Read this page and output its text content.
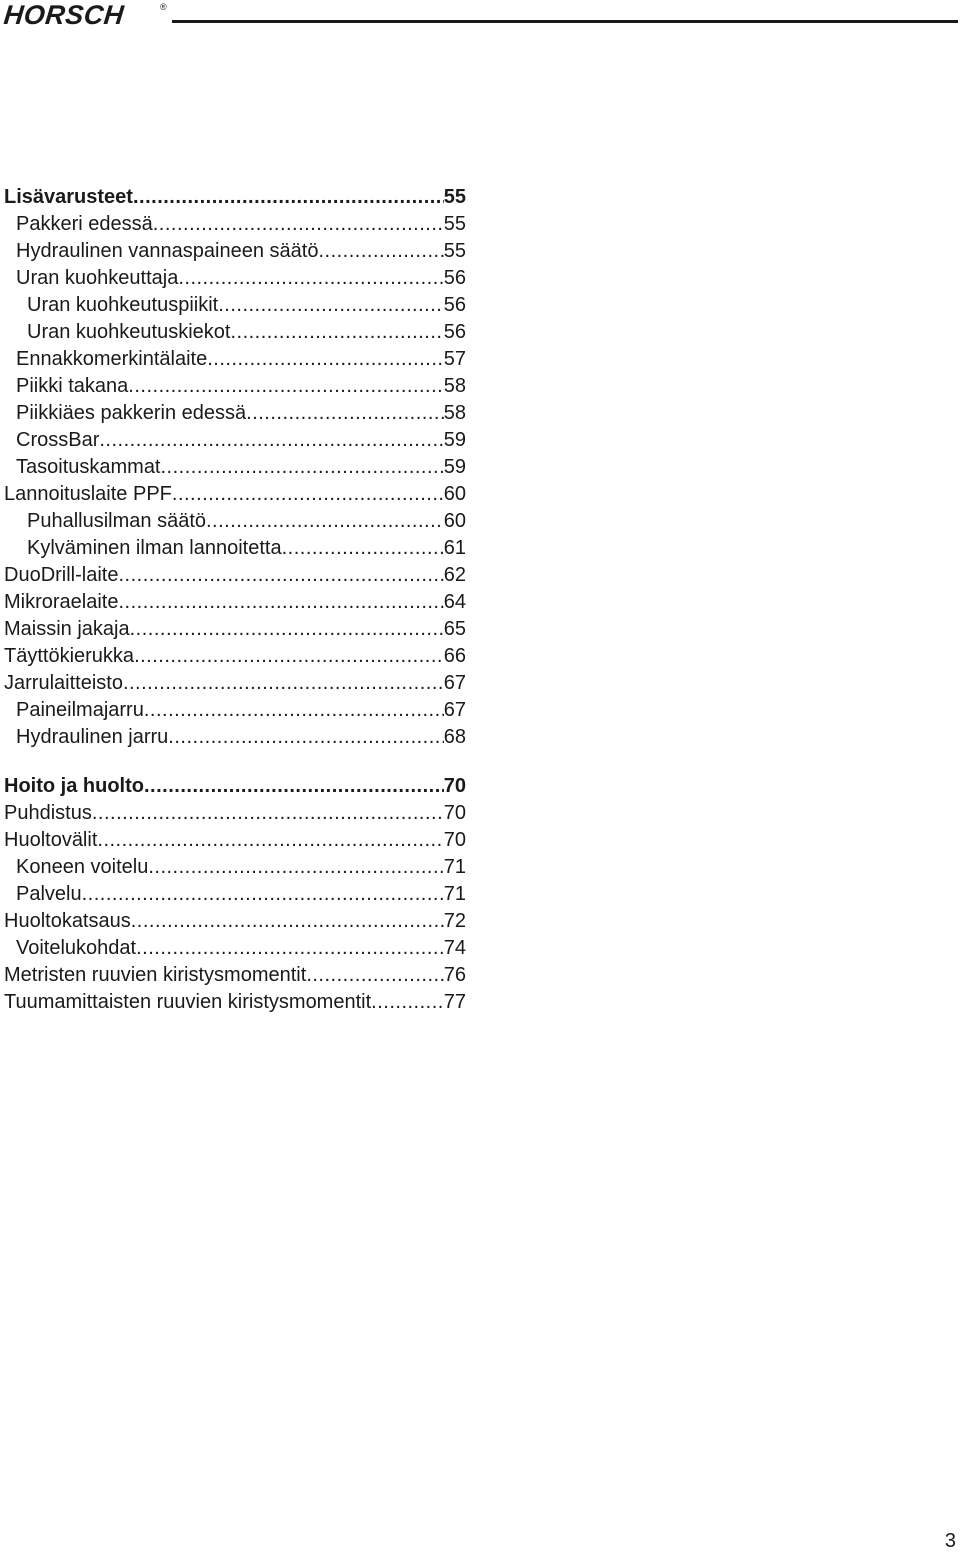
HORSCH	®
Lisävarusteet .....	55
Pakkeri edessä .....	55
Hydraulinen vannaspaineen säätö .....	55
Uran kuohkeuttaja .....	56
Uran kuohkeutuspiikit .....	56
Uran kuohkeutuskiekot .....	56
Ennakkomerkintälaite .....	57
Piikki takana .....	58
Piikkiäes pakkerin edessä .....	58
CrossBar .....	59
Tasoituskammat .....	59
Lannoituslaite PPF .....	60
Puhallusilman säätö .....	60
Kylväminen ilman lannoitetta .....	61
DuoDrill-laite .....	62
Mikroraelaite .....	64
Maissin jakaja .....	65
Täyttökierukka .....	66
Jarrulaitteisto .....	67
Paineilmajarru .....	67
Hydraulinen jarru .....	68
Hoito ja huolto .....	70
Puhdistus .....	70
Huoltovälit .....	70
Koneen voitelu .....	71
Palvelu .....	71
Huoltokatsaus .....	72
Voitelukohdat .....	74
Metristen ruuvien kiristysmomentit .....	76
Tuumamittaisten ruuvien kiristysmomentit .....	77
3
